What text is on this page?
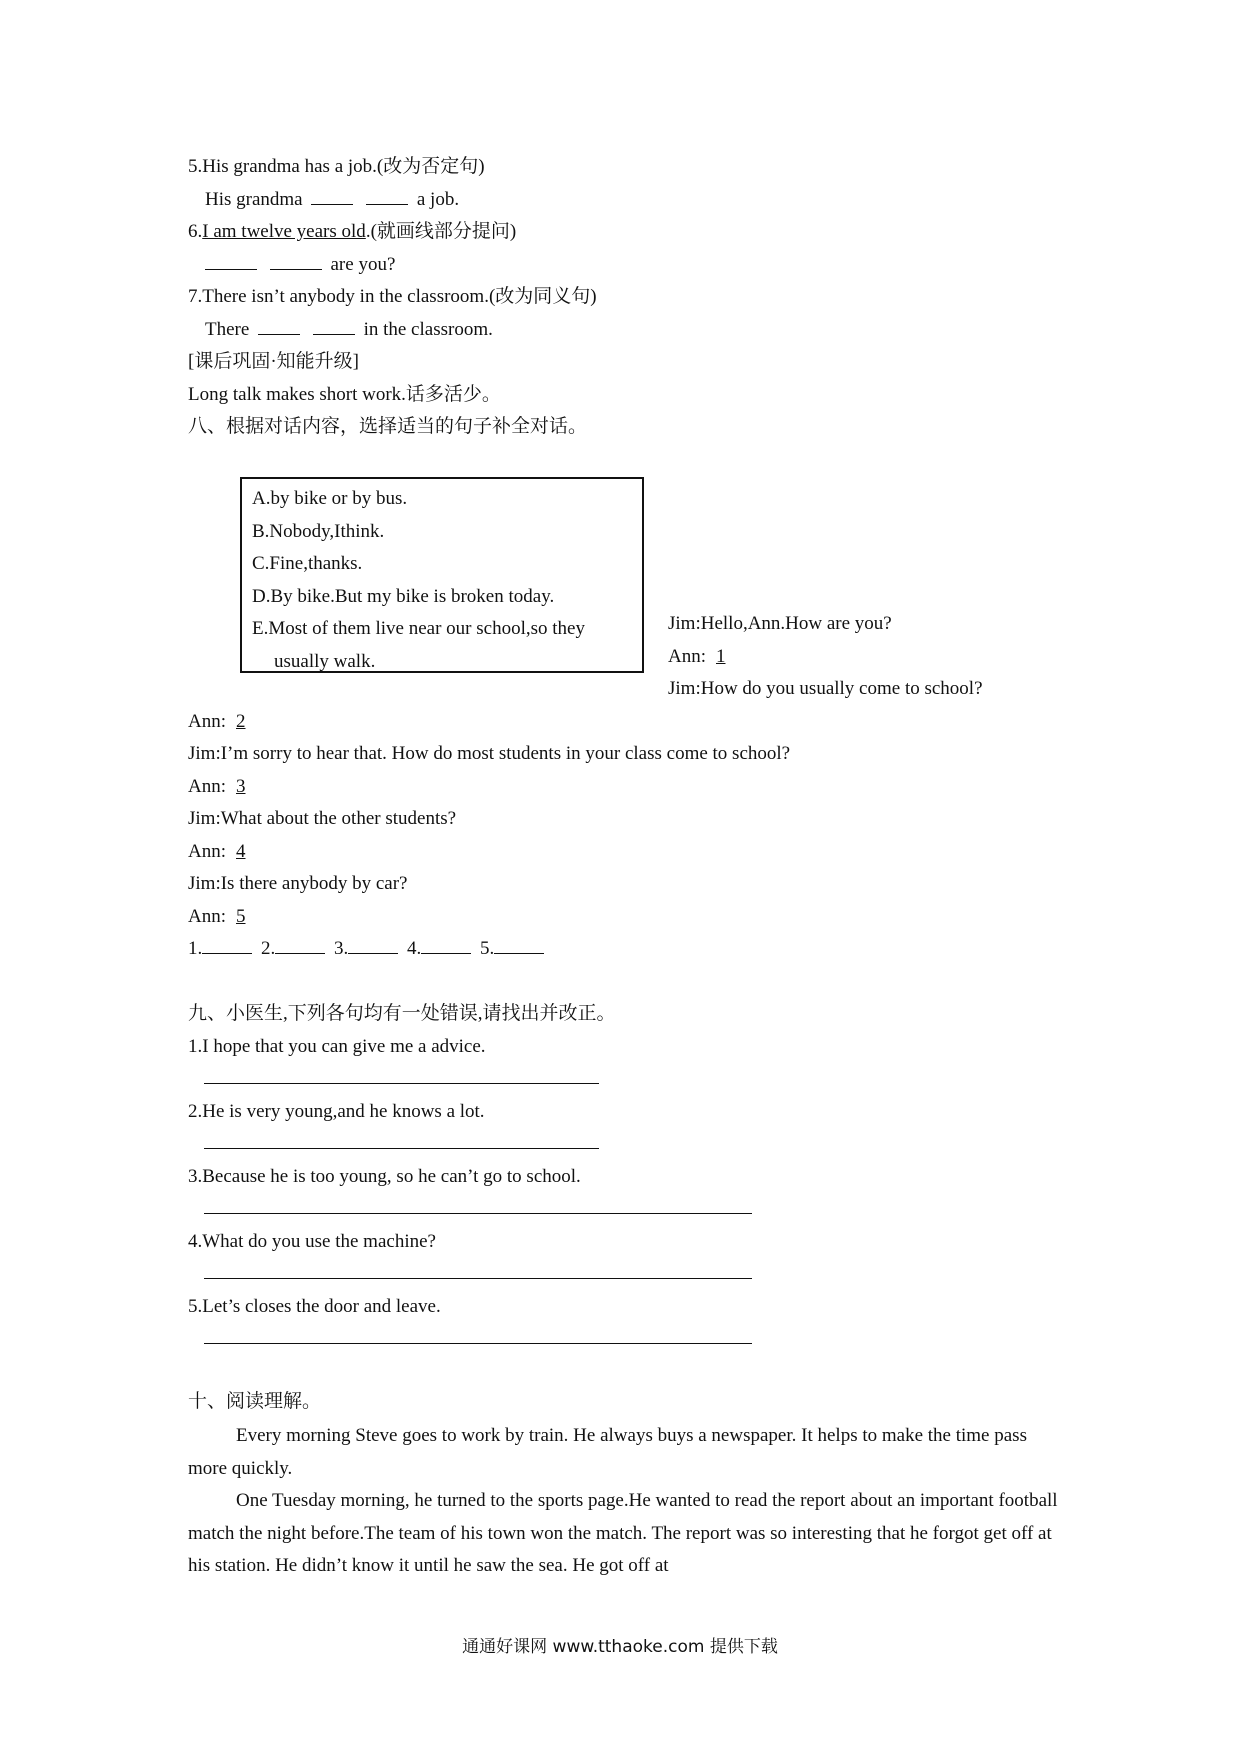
5.His grandma has a job.(改为否定句)
His grandma	a job.
6.I am twelve years old.(就画线部分提问)
are you?
7.There isn’t anybody in the classroom.(改为同义句)
There	in the classroom.
[课后巩固·知能升级]
Long talk makes short work.话多活少。
八、根据对话内容，选择适当的句子补全对话。
A.by bike or by bus.
B.Nobody,Ithink.
C.Fine,thanks.
D.By bike.But my bike is broken today.
E.Most of them live near our school,so they
usually walk.
Jim:Hello,Ann.How are you?
Ann: 1
Jim:How do you usually come to school?
Ann: 2
Jim:I’m sorry to hear that. How do most students in your class come to school?
Ann: 3
Jim:What about the other students?
Ann: 4
Jim:Is there anybody by car?
Ann: 5
1.	2.	3.	4.	5.
九、小医生,下列各句均有一处错误,请找出并改正。
1.I hope that you can give me a advice.
2.He is very young,and he knows a lot.
3.Because he is too young, so he can’t go to school.
4.What do you use the machine?
5.Let’s closes the door and leave.
十、阅读理解。
Every morning Steve goes to work by train. He always buys a newspaper. It helps to make the time pass more quickly.
One Tuesday morning, he turned to the sports page.He wanted to read the report about an important football match the night before.The team of his town won the match. The report was so interesting that he forgot get off at his station. He didn’t know it until he saw the sea. He got off at
通通好课网 www.tthaoke.com 提供下载
